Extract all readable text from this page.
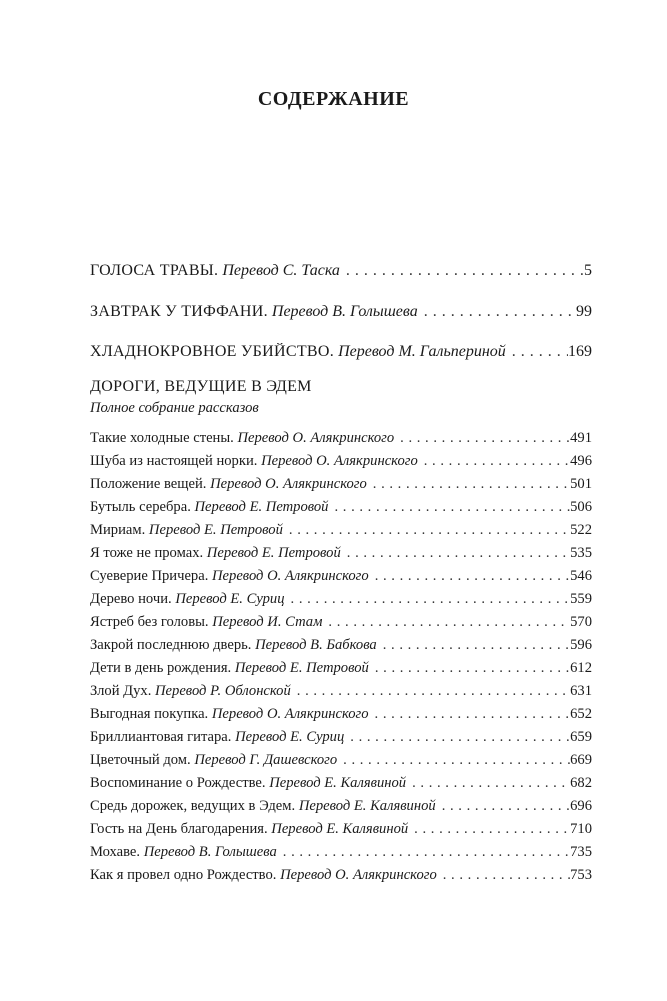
СОДЕРЖАНИЕ
ГОЛОСА ТРАВЫ. Перевод С. Таска . . .	5
ЗАВТРАК У ТИФФАНИ. Перевод В. Голышева . . .	99
ХЛАДНОКРОВНОЕ УБИЙСТВО. Перевод М. Гальпериной . . .	169
ДОРОГИ, ВЕДУЩИЕ В ЭДЕМ
Полное собрание рассказов
Такие холодные стены. Перевод О. Алякринского . . .	491
Шуба из настоящей норки. Перевод О. Алякринского . . .	496
Положение вещей. Перевод О. Алякринского . . .	501
Бутыль серебра. Перевод Е. Петровой . . .	506
Мириам. Перевод Е. Петровой . . .	522
Я тоже не промах. Перевод Е. Петровой . . .	535
Суеверие Причера. Перевод О. Алякринского . . .	546
Дерево ночи. Перевод Е. Суриц . . .	559
Ястреб без головы. Перевод И. Стам . . .	570
Закрой последнюю дверь. Перевод В. Бабкова . . .	596
Дети в день рождения. Перевод Е. Петровой . . .	612
Злой Дух. Перевод Р. Облонской . . .	631
Выгодная покупка. Перевод О. Алякринского . . .	652
Бриллиантовая гитара. Перевод Е. Суриц . . .	659
Цветочный дом. Перевод Г. Дашевского . . .	669
Воспоминание о Рождестве. Перевод Е. Калявиной . . .	682
Средь дорожек, ведущих в Эдем. Перевод Е. Калявиной . . .	696
Гость на День благодарения. Перевод Е. Калявиной . . .	710
Мохаве. Перевод В. Голышева . . .	735
Как я провел одно Рождество. Перевод О. Алякринского . . .	753
